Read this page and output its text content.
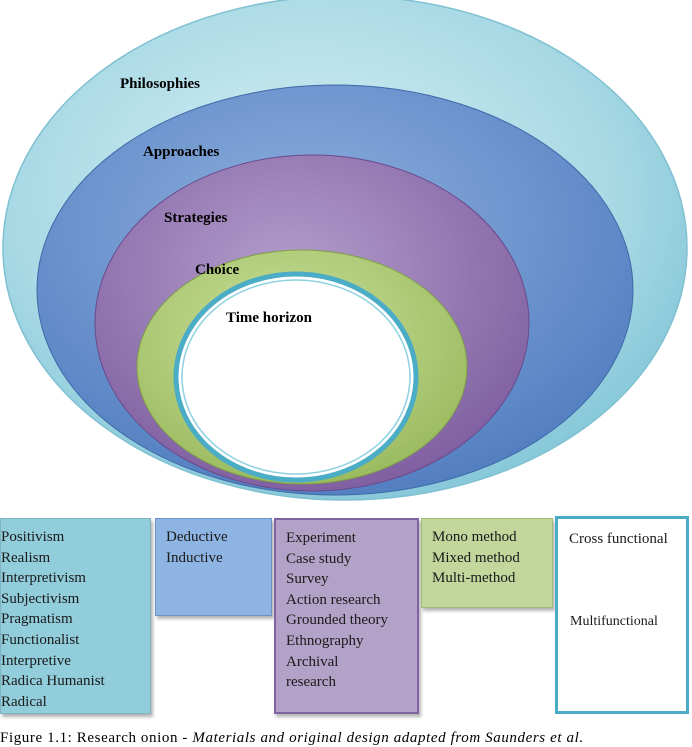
Philosophies
Approaches
Strategies
Choice
Time horizon
Positivism
Realism
Interpretivism
Subjectivism
Pragmatism
Functionalist
Interpretive
Radica Humanist
Radical
Deductive
Inductive
Experiment
Case study
Survey
Action research
Grounded theory
Ethnography
Archival
research
Mono method
Mixed method
Multi-method
Cross functional
Multifunctional
Figure 1.1: Research onion - Materials and original design adapted from Saunders et al.
